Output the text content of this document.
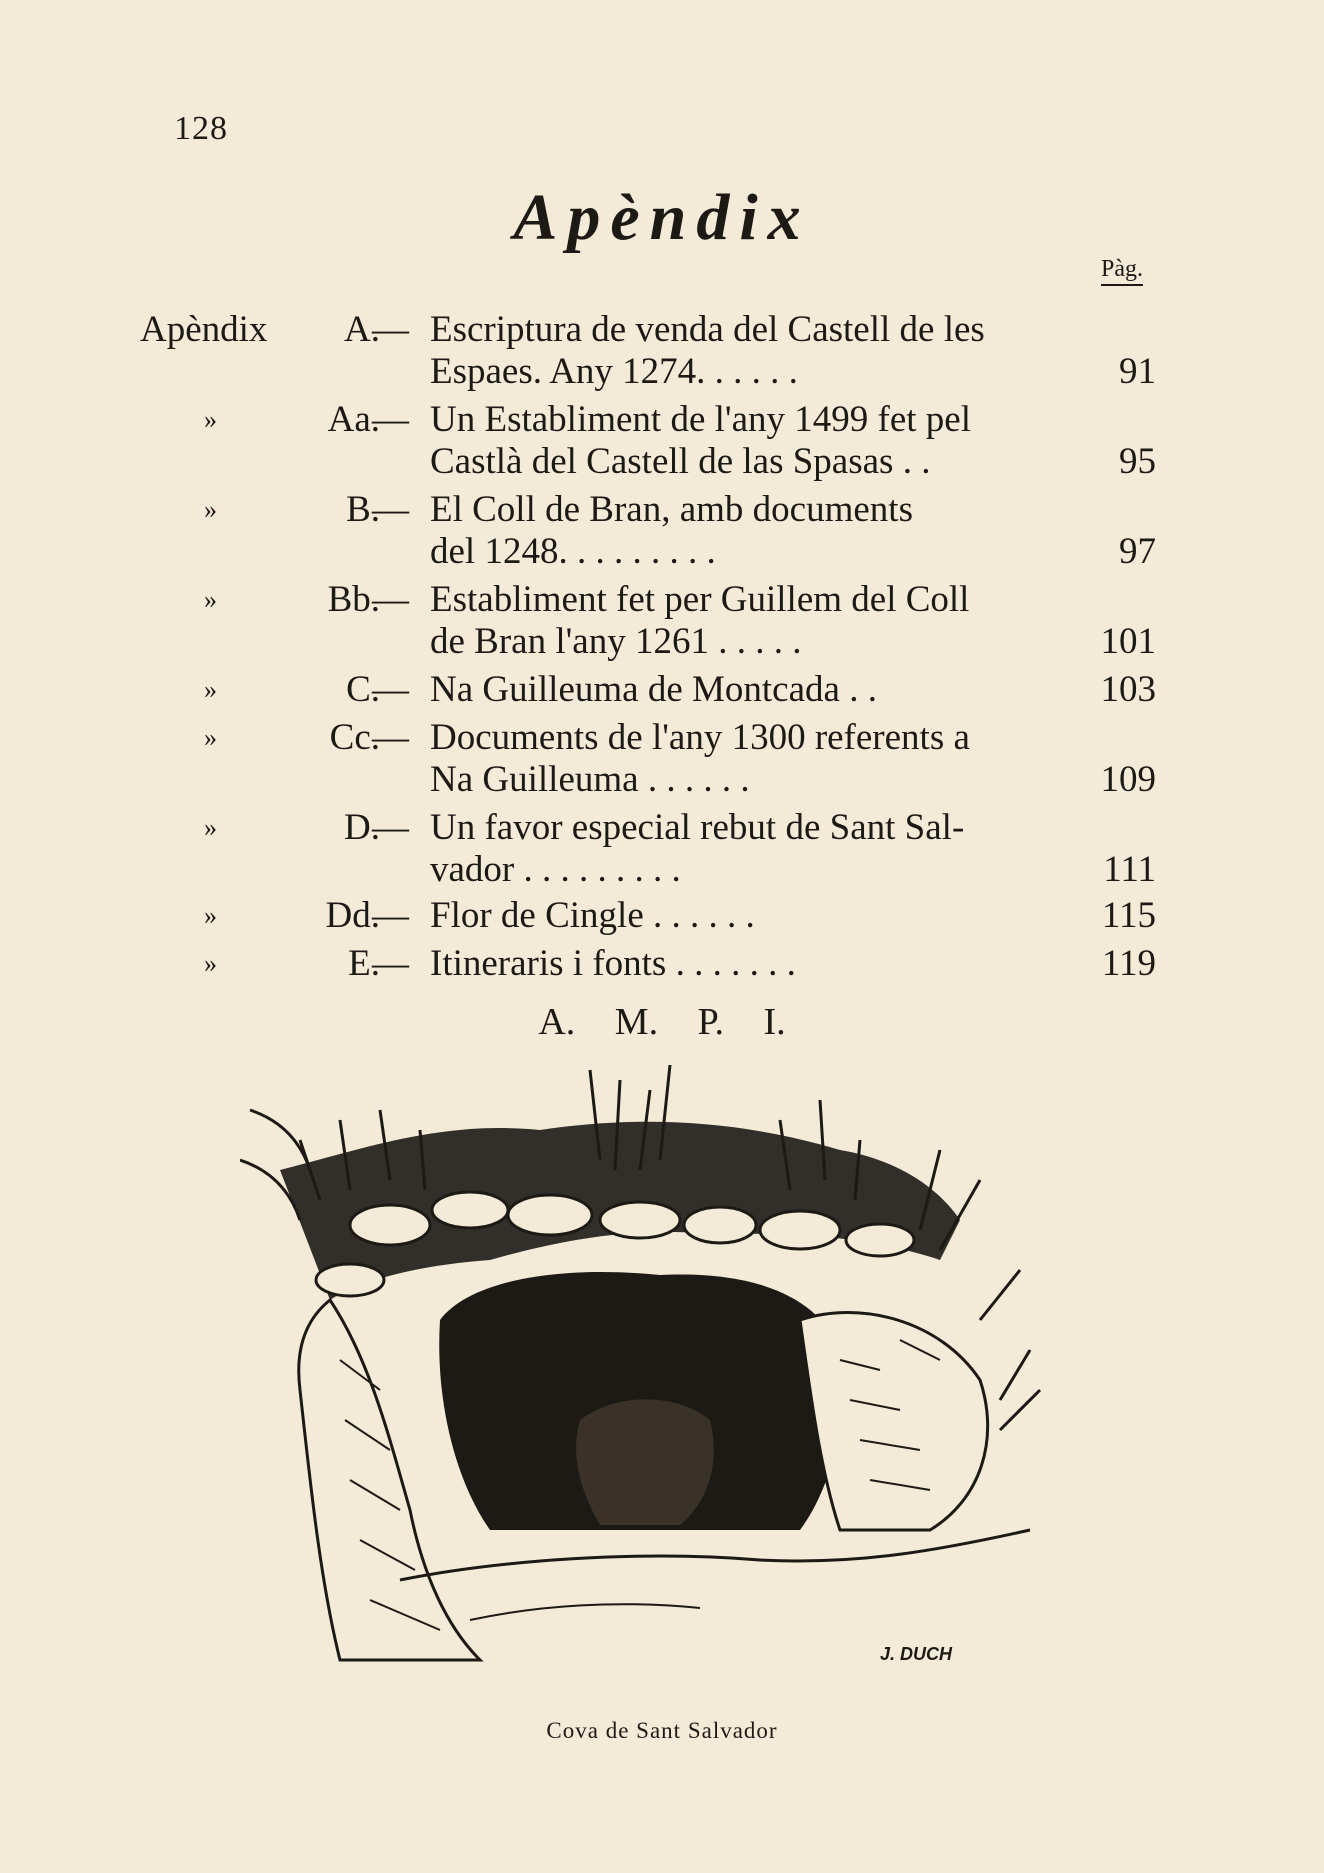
128
Apèndix
Pàg.
Apèndix	A.
— Escriptura de venda del Castell de les
Espaes. Any 1274. . . . . .	91
»	Aa.
— Un Establiment de l'any 1499 fet pel
Castlà del Castell de las Spasas . .	95
»	B.
— El Coll de Bran, amb documents
del 1248. . . . . . . . .	97
»	Bb.
— Establiment fet per Guillem del Coll
de Bran l'any 1261 . . . . .	101
»	C.
— Na Guilleuma de Montcada . .	103
»	Cc.
— Documents de l'any 1300 referents a
Na Guilleuma . . . . . .	109
»	D.
— Un favor especial rebut de Sant Sal-
vador . . . . . . . . .	111
»	Dd.
— Flor de Cingle . . . . . .	115
»	E.
— Itineraris i fonts . . . . . . .	119
A. M. P. I.
J. DUCH
Cova de Sant Salvador
